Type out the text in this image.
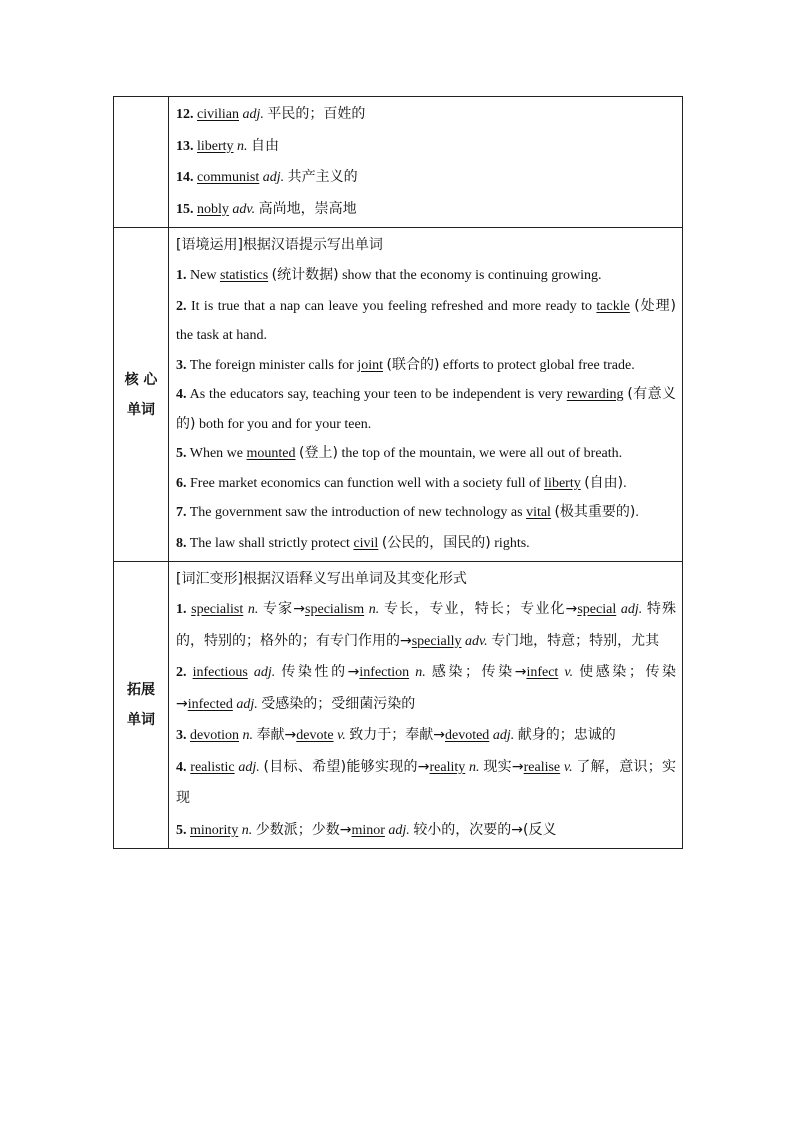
12. civilian adj. 平民的；百姓的
13. liberty n. 自由
14. communist adj. 共产主义的
15. nobly adv. 高尚地，崇高地
核 心
单词
[语境运用]根据汉语提示写出单词
1. New statistics (统计数据) show that the economy is continuing growing.
2. It is true that a nap can leave you feeling refreshed and more ready to tackle (处理) the task at hand.
3. The foreign minister calls for joint (联合的) efforts to protect global free trade.
4. As the educators say, teaching your teen to be independent is very rewarding (有意义的) both for you and for your teen.
5. When we mounted (登上) the top of the mountain, we were all out of breath.
6. Free market economics can function well with a society full of liberty (自由).
7. The government saw the introduction of new technology as vital (极其重要的).
8. The law shall strictly protect civil (公民的，国民的) rights.
拓展
单词
[词汇变形]根据汉语释义写出单词及其变化形式
1. specialist n. 专家→specialism n. 专长，专业，特长；专业化→special adj. 特殊的，特别的；格外的；有专门作用的→specially adv. 专门地，特意；特别，尤其
2. infectious adj. 传染性的→infection n. 感染；传染→infect v. 使感染；传染→infected adj. 受感染的；受细菌污染的
3. devotion n. 奉献→devote v. 致力于；奉献→devoted adj. 献身的；忠诚的
4. realistic adj. (目标、希望)能够实现的→reality n. 现实→realise v. 了解，意识；实现
5. minority n. 少数派；少数→minor adj. 较小的，次要的→(反义
